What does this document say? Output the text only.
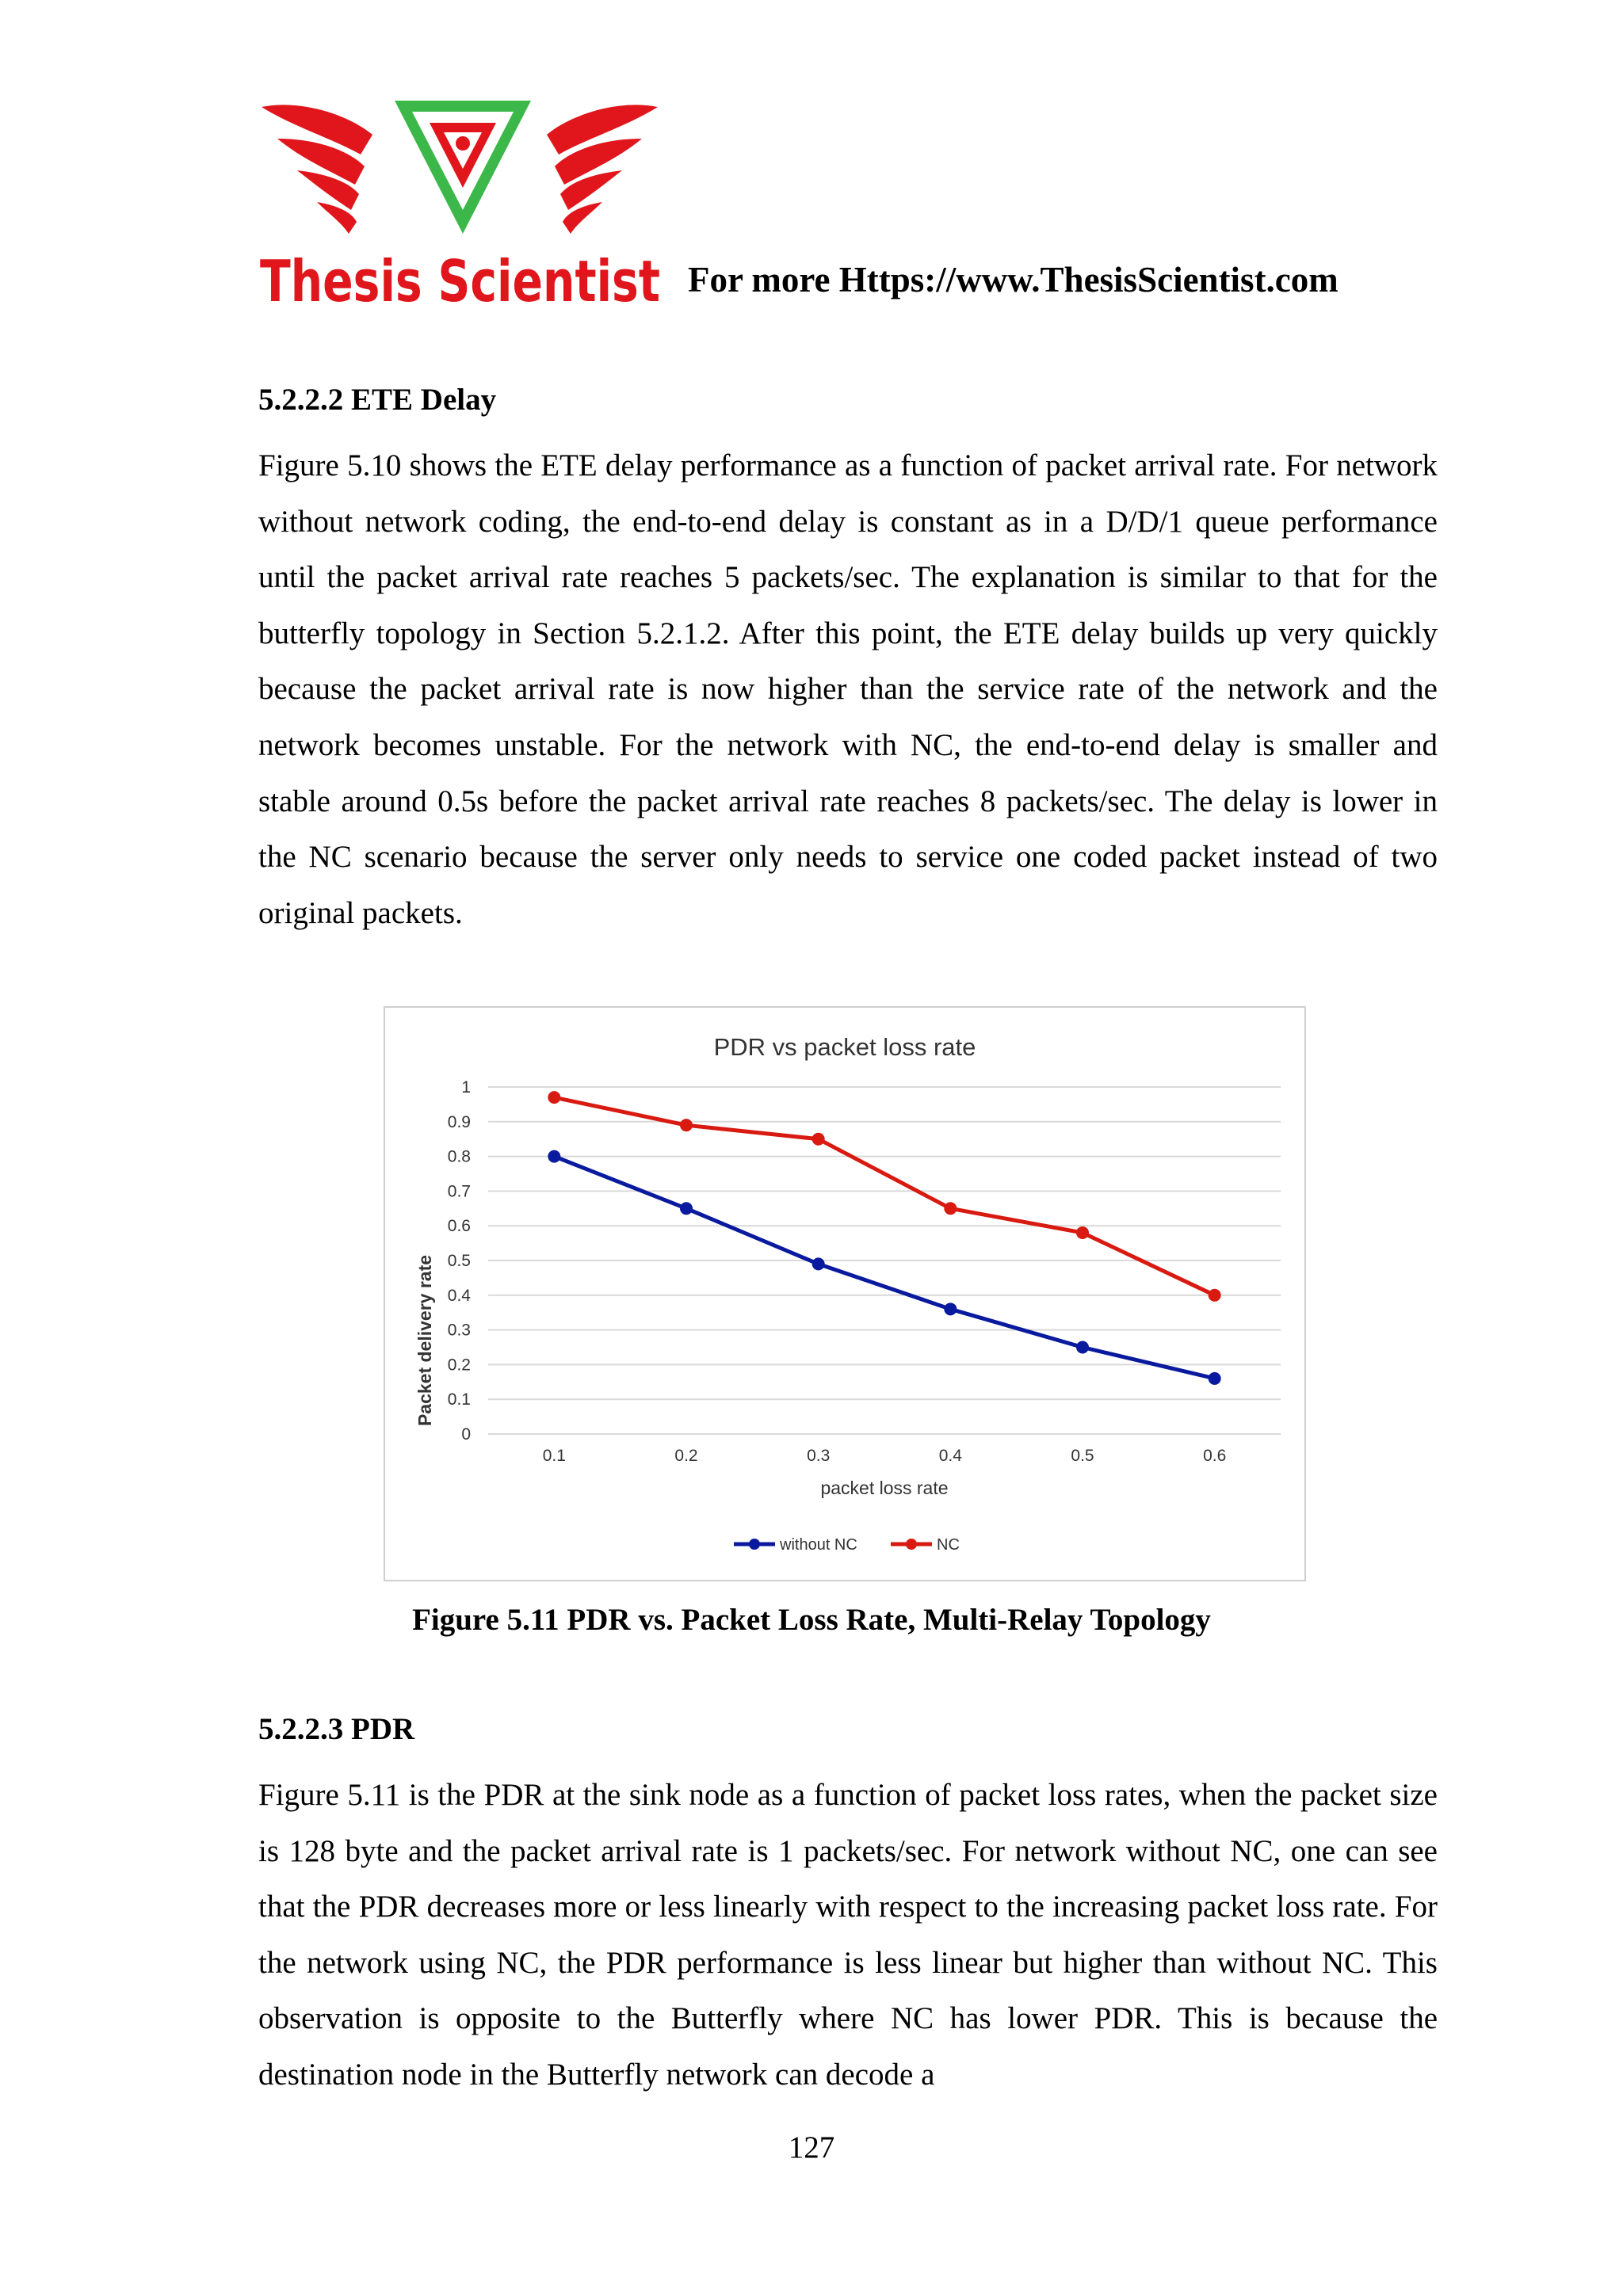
Thesis Scientist For more Https://www.ThesisScientist.com
5.2.2.2 ETE Delay

Figure 5.10 shows the ETE delay performance as a function of packet arrival rate. For network without network coding, the end-to-end delay is constant as in a D/D/1 queue performance until the packet arrival rate reaches 5 packets/sec. The explanation is similar to that for the butterfly topology in Section 5.2.1.2. After this point, the ETE delay builds up very quickly because the packet arrival rate is now higher than the service rate of the network and the network becomes unstable. For the network with NC, the end-to-end delay is smaller and stable around 0.5s before the packet arrival rate reaches 8 packets/sec. The delay is lower in the NC scenario because the server only needs to service one coded packet instead of two original packets.

PDR vs packet loss rate
0
0.1
0.2
0.3
0.4
0.5
0.6
0.7
0.8
0.9
1
0.1	0.2	0.3	0.4	0.5	0.6
Packet delivery rate
packet loss rate
without NC	NC
Figure 5.11 PDR vs. Packet Loss Rate, Multi-Relay Topology
5.2.2.3 PDR

Figure 5.11 is the PDR at the sink node as a function of packet loss rates, when the packet size is 128 byte and the packet arrival rate is 1 packets/sec. For network without NC, one can see that the PDR decreases more or less linearly with respect to the increasing packet loss rate. For the network using NC, the PDR performance is less linear but higher than without NC. This observation is opposite to the Butterfly where NC has lower PDR. This is because the destination node in the Butterfly network can decode a

127
